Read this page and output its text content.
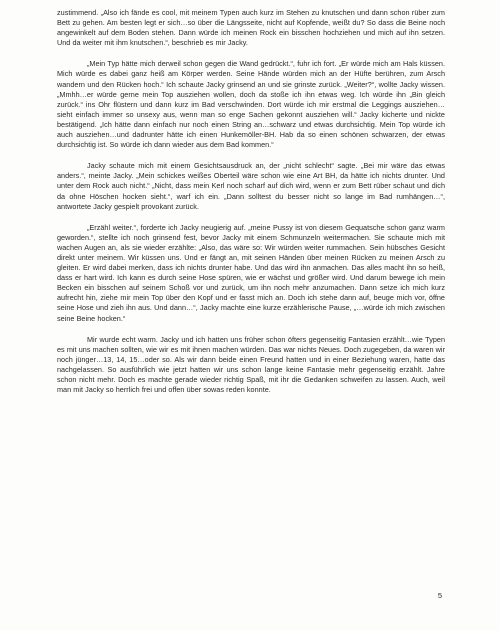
zustimmend. „Also ich fände es cool, mit meinem Typen auch kurz im Stehen zu knutschen und dann schon rüber zum Bett zu gehen. Am besten legt er sich…so über die Längsseite, nicht auf Kopfende, weißt du? So dass die Beine noch angewinkelt auf dem Boden stehen. Dann würde ich meinen Rock ein bisschen hochziehen und mich auf ihn setzen. Und da weiter mit ihm knutschen.“, beschrieb es mir Jacky.

„Mein Typ hätte mich derweil schon gegen die Wand gedrückt.“, fuhr ich fort. „Er würde mich am Hals küssen. Mich würde es dabei ganz heiß am Körper werden. Seine Hände würden mich an der Hüfte berühren, zum Arsch wandern und den Rücken hoch.“ Ich schaute Jacky grinsend an und sie grinste zurück. „Weiter?“, wollte Jacky wissen. „Mmhh…er würde gerne mein Top ausziehen wollen, doch da stoße ich ihn etwas weg. Ich würde ihn „Bin gleich zurück.“ ins Ohr flüstern und dann kurz im Bad verschwinden. Dort würde ich mir erstmal die Leggings ausziehen…sieht einfach immer so unsexy aus, wenn man so enge Sachen gekonnt ausziehen will.“ Jacky kicherte und nickte bestätigend. „Ich hätte dann einfach nur noch einen String an…schwarz und etwas durchsichtig. Mein Top würde ich auch ausziehen…und dadrunter hätte ich einen Hunkemöller-BH. Hab da so einen schönen schwarzen, der etwas durchsichtig ist. So würde ich dann wieder aus dem Bad kommen.“

Jacky schaute mich mit einem Gesichtsausdruck an, der „nicht schlecht“ sagte. „Bei mir wäre das etwas anders.“, meinte Jacky. „Mein schickes weißes Oberteil wäre schon wie eine Art BH, da hätte ich nichts drunter. Und unter dem Rock auch nicht.“ „Nicht, dass mein Kerl noch scharf auf dich wird, wenn er zum Bett rüber schaut und dich da ohne Höschen hocken sieht.“, warf ich ein. „Dann solltest du besser nicht so lange im Bad rumhängen…“, antwortete Jacky gespielt provokant zurück.

„Erzähl weiter.“, forderte ich Jacky neugierig auf. „meine Pussy ist von diesem Gequatsche schon ganz warm geworden.“, stellte ich noch grinsend fest, bevor Jacky mit einem Schmunzeln weitermachen. Sie schaute mich mit wachen Augen an, als sie wieder erzählte: „Also, das wäre so: Wir würden weiter rummachen. Sein hübsches Gesicht direkt unter meinem. Wir küssen uns. Und er fängt an, mit seinen Händen über meinen Rücken zu meinen Arsch zu gleiten. Er wird dabei merken, dass ich nichts drunter habe. Und das wird ihn anmachen. Das alles macht ihn so heiß, dass er hart wird. Ich kann es durch seine Hose spüren, wie er wächst und größer wird. Und darum bewege ich mein Becken ein bisschen auf seinem Schoß vor und zurück, um ihn noch mehr anzumachen. Dann setze ich mich kurz aufrecht hin, ziehe mir mein Top über den Kopf und er fasst mich an. Doch ich stehe dann auf, beuge mich vor, öffne seine Hose und zieh ihn aus. Und dann…“, Jacky machte eine kurze erzählerische Pause, „…würde ich mich zwischen seine Beine hocken.“

Mir wurde echt warm. Jacky und ich hatten uns früher schon öfters gegenseitig Fantasien erzählt…wie Typen es mit uns machen sollten, wie wir es mit ihnen machen würden. Das war nichts Neues. Doch zugegeben, da waren wir noch jünger…13, 14, 15…oder so. Als wir dann beide einen Freund hatten und in einer Beziehung waren, hatte das nachgelassen. So ausführlich wie jetzt hatten wir uns schon lange keine Fantasie mehr gegenseitig erzählt. Jahre schon nicht mehr. Doch es machte gerade wieder richtig Spaß, mit ihr die Gedanken schweifen zu lassen. Auch, weil man mit Jacky so herrlich frei und offen über sowas reden konnte.

5
